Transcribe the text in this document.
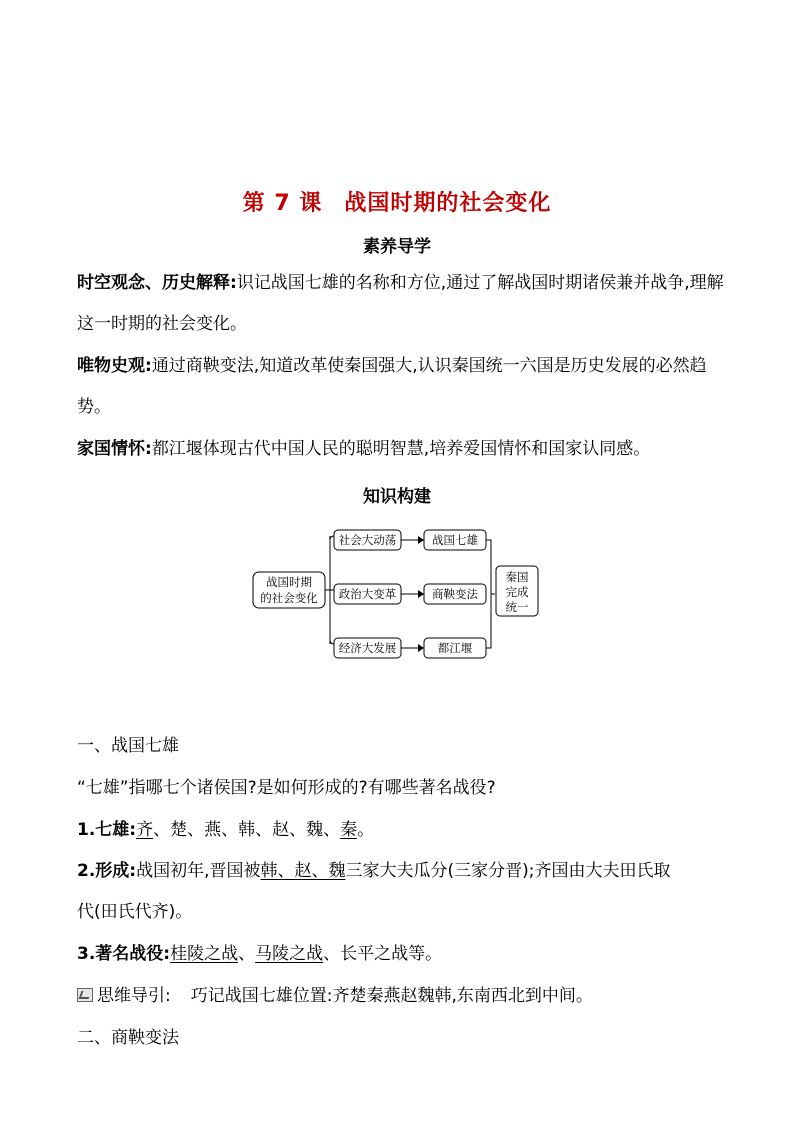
第 7 课 战国时期的社会变化
素养导学
时空观念、历史解释:识记战国七雄的名称和方位,通过了解战国时期诸侯兼并战争,理解这一时期的社会变化。
唯物史观:通过商鞅变法,知道改革使秦国强大,认识秦国统一六国是历史发展的必然趋势。
家国情怀:都江堰体现古代中国人民的聪明智慧,培养爱国情怀和国家认同感。
知识构建
战国时期
的社会变化
社会大动荡
政治大变革
经济大发展
战国七雄
商鞅变法
都江堰
秦国
完成
统一
一、战国七雄
“七雄”指哪七个诸侯国?是如何形成的?有哪些著名战役?
1.七雄:齐、楚、燕、韩、赵、魏、秦。
2.形成:战国初年,晋国被韩、赵、魏三家大夫瓜分(三家分晋);齐国由大夫田氏取
代(田氏代齐)。
3.著名战役:桂陵之战、马陵之战、长平之战等。
思维导引: 巧记战国七雄位置:齐楚秦燕赵魏韩,东南西北到中间。
二、商鞅变法
